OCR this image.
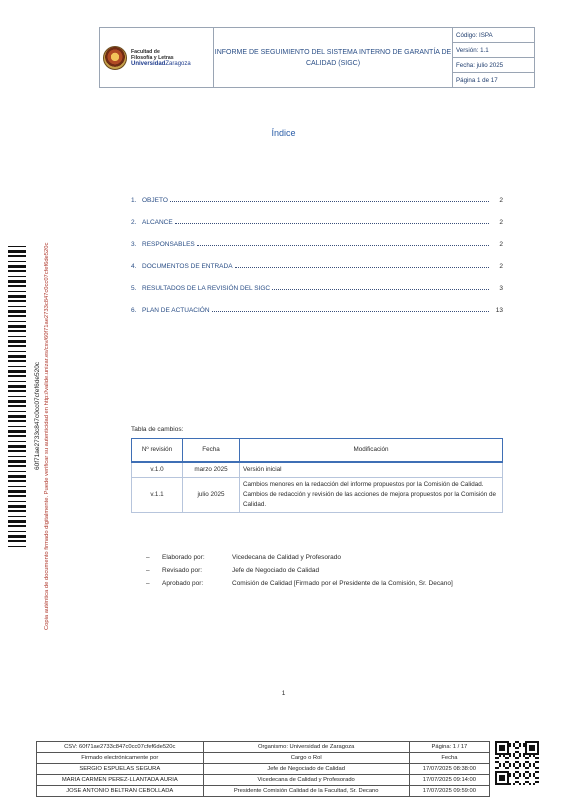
Facultad de
Filosofía y Letras
UniversidadZaragoza
	INFORME DE SEGUIMIENTO DEL SISTEMA INTERNO DE GARANTÍA DE CALIDAD (SIGC)	Código: ISPA
Versión: 1.1
Fecha: julio 2025
Página 1 de 17
Índice
1. OBJETO	2
2. ALCANCE	2
3. RESPONSABLES	2
4. DOCUMENTOS DE ENTRADA	2
5. RESULTADOS DE LA REVISIÓN DEL SIGC	3
6. PLAN DE ACTUACIÓN	13
Tabla de cambios:
Nº revisión	Fecha	Modificación
v.1.0	marzo 2025	Versión inicial
v.1.1	julio 2025	Cambios menores en la redacción del informe propuestos por la Comisión de Calidad. Cambios de redacción y revisión de las acciones de mejora propuestos por la Comisión de Calidad.
–	Elaborado por:	Vicedecana de Calidad y Profesorado
–	Revisado por:	Jefe de Negociado de Calidad
–	Aprobado por:	Comisión de Calidad [Firmado por el Presidente de la Comisión, Sr. Decano]
1
60f71ae2733c847c0cc07cfef6de520c Copia auténtica de documento firmado digitalmente. Puede verificar su autenticidad en http://valide.unizar.es/csv/60f71ae2733c847c0cc07cfef6de520c
CSV: 60f71ae2733c847c0cc07cfef6de520c	Organismo: Universidad de Zaragoza	Página: 1 / 17
Firmado electrónicamente por	Cargo o Rol	Fecha
SERGIO ESPUELAS SEGURA	Jefe de Negociado de Calidad	17/07/2025 08:38:00
MARIA CARMEN PEREZ-LLANTADA AURIA	Vicedecana de Calidad y Profesorado	17/07/2025 09:14:00
JOSE ANTONIO BELTRAN CEBOLLADA	Presidente Comisión Calidad de la Facultad, Sr. Decano	17/07/2025 09:59:00
